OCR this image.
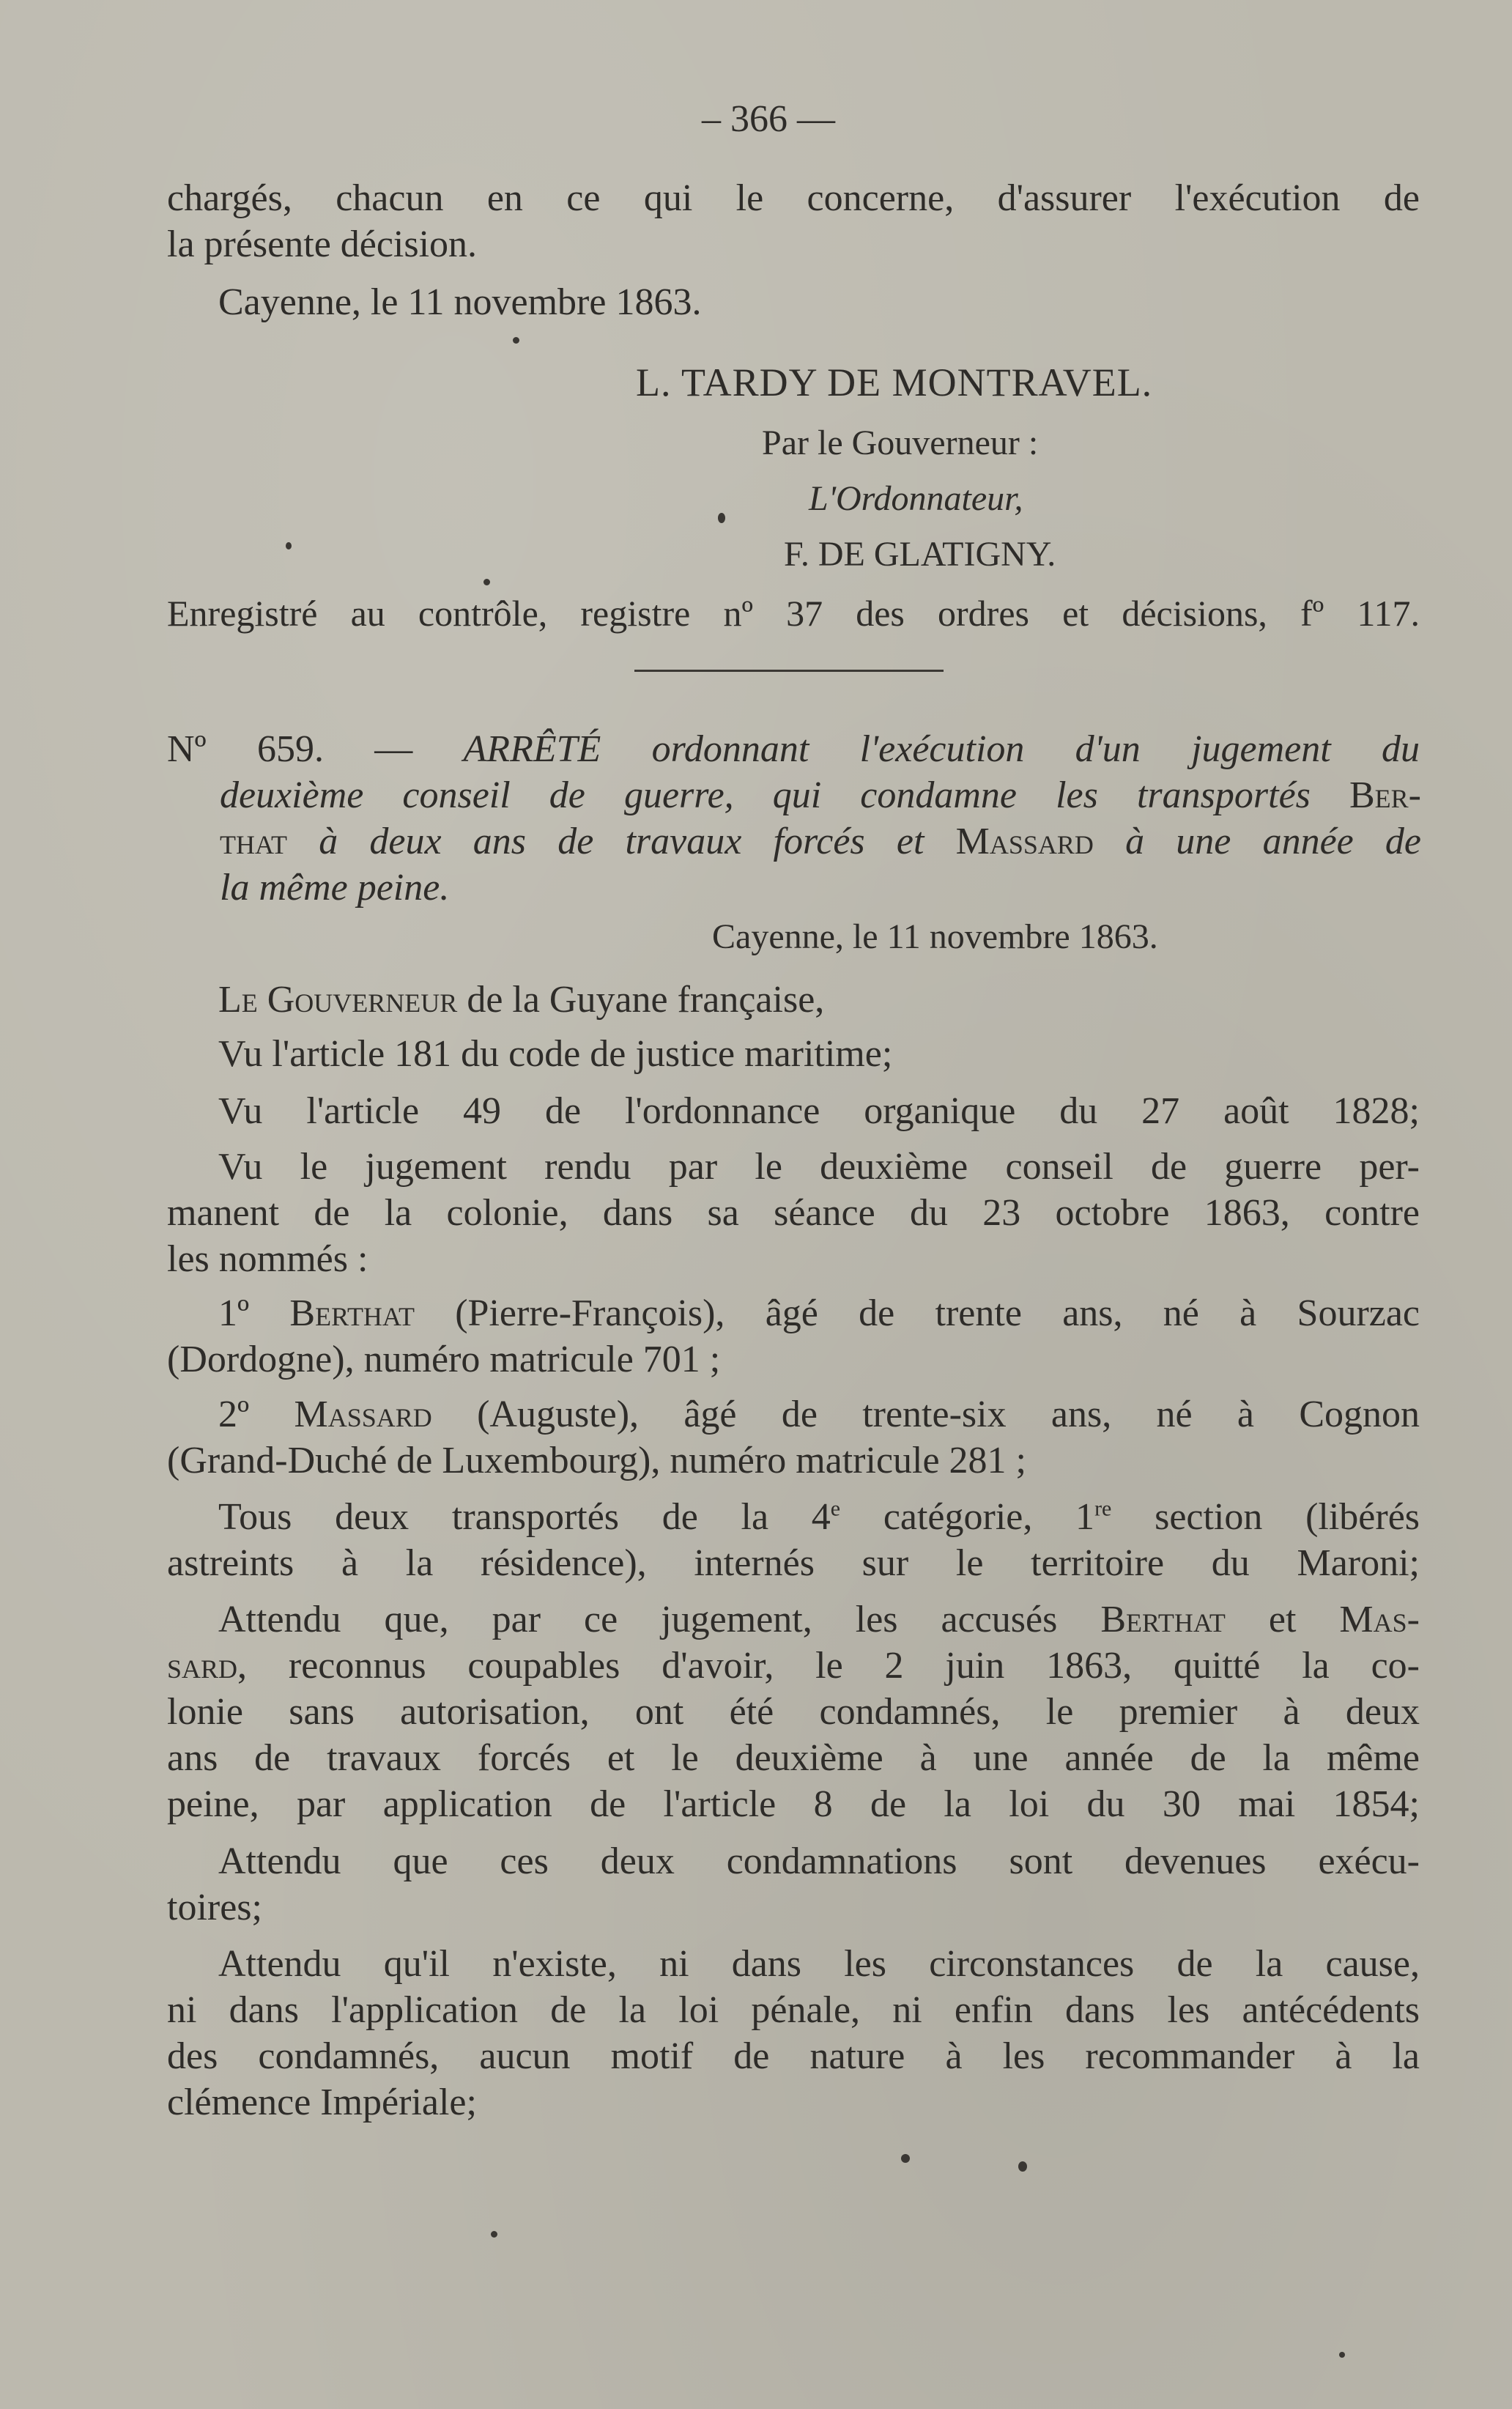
– 366 —
chargés, chacun en ce qui le concerne, d'assurer l'exécution de
la présente décision.
Cayenne, le 11 novembre 1863.
L. TARDY DE MONTRAVEL.
Par le Gouverneur :
L'Ordonnateur,
F. DE GLATIGNY.
Enregistré au contrôle, registre nº 37 des ordres et décisions, fº 117.
Nº 659. — ARRÊTÉ ordonnant l'exécution d'un jugement du
deuxième conseil de guerre, qui condamne les transportés Ber-
that à deux ans de travaux forcés et Massard à une année de
la même peine.
Cayenne, le 11 novembre 1863.
Le Gouverneur de la Guyane française,
Vu l'article 181 du code de justice maritime;
Vu l'article 49 de l'ordonnance organique du 27 août 1828;
Vu le jugement rendu par le deuxième conseil de guerre per-
manent de la colonie, dans sa séance du 23 octobre 1863, contre
les nommés :
1º Berthat (Pierre-François), âgé de trente ans, né à Sourzac
(Dordogne), numéro matricule 701 ;
2º Massard (Auguste), âgé de trente-six ans, né à Cognon
(Grand-Duché de Luxembourg), numéro matricule 281 ;
Tous deux transportés de la 4e catégorie, 1re section (libérés
astreints à la résidence), internés sur le territoire du Maroni;
Attendu que, par ce jugement, les accusés Berthat et Mas-
sard, reconnus coupables d'avoir, le 2 juin 1863, quitté la co-
lonie sans autorisation, ont été condamnés, le premier à deux
ans de travaux forcés et le deuxième à une année de la même
peine, par application de l'article 8 de la loi du 30 mai 1854;
Attendu que ces deux condamnations sont devenues exécu-
toires;
Attendu qu'il n'existe, ni dans les circonstances de la cause,
ni dans l'application de la loi pénale, ni enfin dans les antécédents
des condamnés, aucun motif de nature à les recommander à la
clémence Impériale;
